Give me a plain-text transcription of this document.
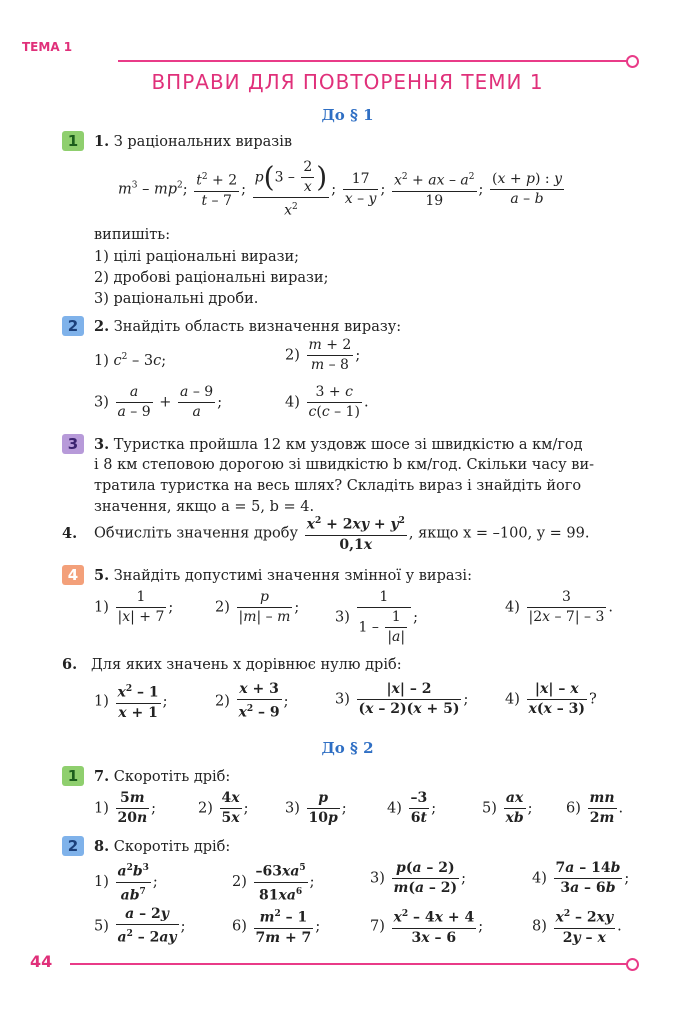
ТЕМА 1
ВПРАВИ ДЛЯ ПОВТОРЕННЯ ТЕМИ 1
До § 1
1	1. З раціональних виразів
$m^3 - mp^2$; $\frac{t^2 + 2}{t - 7}$ ; $\frac{p(3 - \frac{2}{x} )}{x^2}$ ; $\frac{17}{x - y}$ ; $\frac{x^2 + ax - a^2}{19}$ ; $\frac{(x + p) : y}{a - b}$
випишіть:
1) цілі раціональні вирази;
2) дробові раціональні вирази;
3) раціональні дроби.
2	2. Знайдіть область визначення виразу:
1) $c^2 - 3c$;	$2) \frac{m + 2}{m - 8}$ ;
$3) \frac{a}{a - 9} + \frac{a - 9}{a}$ ;	$4) \frac{3 + c}{c(c - 1)}$ .
3	3. Туристка пройшла 12 км уздовж шосе зі швидкістю a км/год
і 8 км степовою дорогою зі швидкістю b км/год. Скільки часу ви-
тратила туристка на весь шлях? Складіть вираз і знайдіть його
значення, якщо a = 5, b = 4.
4. Обчисліть значення дробу $\frac{x^2 + 2xy + y^2}{0,1x}$ , якщо x = –100, y = 99.
4	5. Знайдіть допустимі значення змінної у виразі:
$1) \frac{1}{|x| + 7}$ ;	$2) \frac{p}{|m| - m}$ ;
$3) \frac{1}{1 - \frac{1}{|a|}}$ ;
$4) \frac{3}{|2x - 7| - 3}$ .
6. Для яких значень x дорівнює нулю дріб:
$1) \frac{x^2 - 1}{x + 1}$ ;	$2) \frac{x + 3}{x^2 - 9}$ ;	$3) \frac{|x| - 2}{(x - 2)(x + 5)}$ ;	$4) \frac{|x| - x}{x(x - 3)}$ ?
До § 2
1	7. Скоротіть дріб:
$1) \frac{5m}{20n}$ ;	$2) \frac{4x}{5x}$ ;	$3) \frac{p}{10p}$ ;	$4) \frac{-3}{6t}$ ;	$5) \frac{ax}{xb}$ ; $6) \frac{mn}{2m}$ .
2	8. Скоротіть дріб:
$1) \frac{a^2b^3}{ab^7}$ ;	$2) \frac{-63xa^5}{81xa^6}$ ;	$3) \frac{p(a - 2)}{m(a - 2)}$ ;	$4) \frac{7a - 14b}{3a - 6b}$ ;
$5) \frac{a - 2y}{a^2 - 2ay}$ ;	$6) \frac{m^2 - 1}{7m + 7}$ ;	$7) \frac{x^2 - 4x + 4}{3x - 6}$ ;	$8) \frac{x^2 - 2xy}{2y - x}$ .
44
